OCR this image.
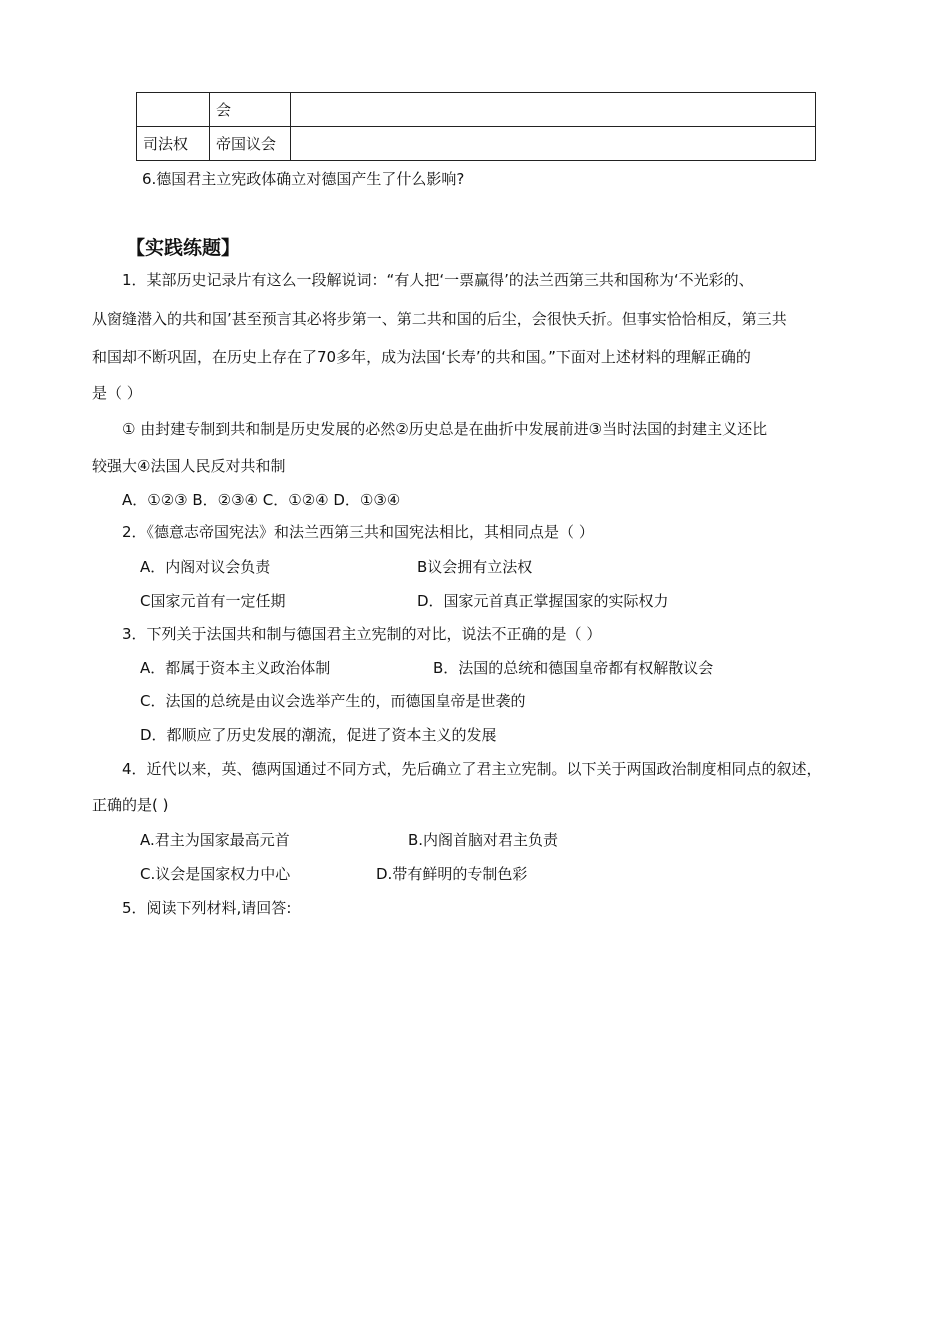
	会	
司法权	帝国议会	
6.德国君主立宪政体确立对德国产生了什么影响?
【实践练题】
1．某部历史记录片有这么一段解说词：“有人把‘一票赢得’的法兰西第三共和国称为‘不光彩的、
从窗缝潜入的共和国’甚至预言其必将步第一、第二共和国的后尘，会很快夭折。但事实恰恰相反，第三共
和国却不断巩固，在历史上存在了70多年，成为法国‘长寿’的共和国。”下面对上述材料的理解正确的
是（ ）
① 由封建专制到共和制是历史发展的必然②历史总是在曲折中发展前进③当时法国的封建主义还比
较强大④法国人民反对共和制
A．①②③ B．②③④ C．①②④ D．①③④
2．《德意志帝国宪法》和法兰西第三共和国宪法相比，其相同点是（ ）
A．内阁对议会负责	B议会拥有立法权
C国家元首有一定任期	D．国家元首真正掌握国家的实际权力
3．下列关于法国共和制与德国君主立宪制的对比，说法不正确的是（ ）
A．都属于资本主义政治体制	B．法国的总统和德国皇帝都有权解散议会
C．法国的总统是由议会选举产生的，而德国皇帝是世袭的
D．都顺应了历史发展的潮流，促进了资本主义的发展
4．近代以来，英、德两国通过不同方式，先后确立了君主立宪制。以下关于两国政治制度相同点的叙述，
正确的是( )
A.君主为国家最高元首	B.内阁首脑对君主负责
C.议会是国家权力中心	D.带有鲜明的专制色彩
5．阅读下列材料,请回答:
